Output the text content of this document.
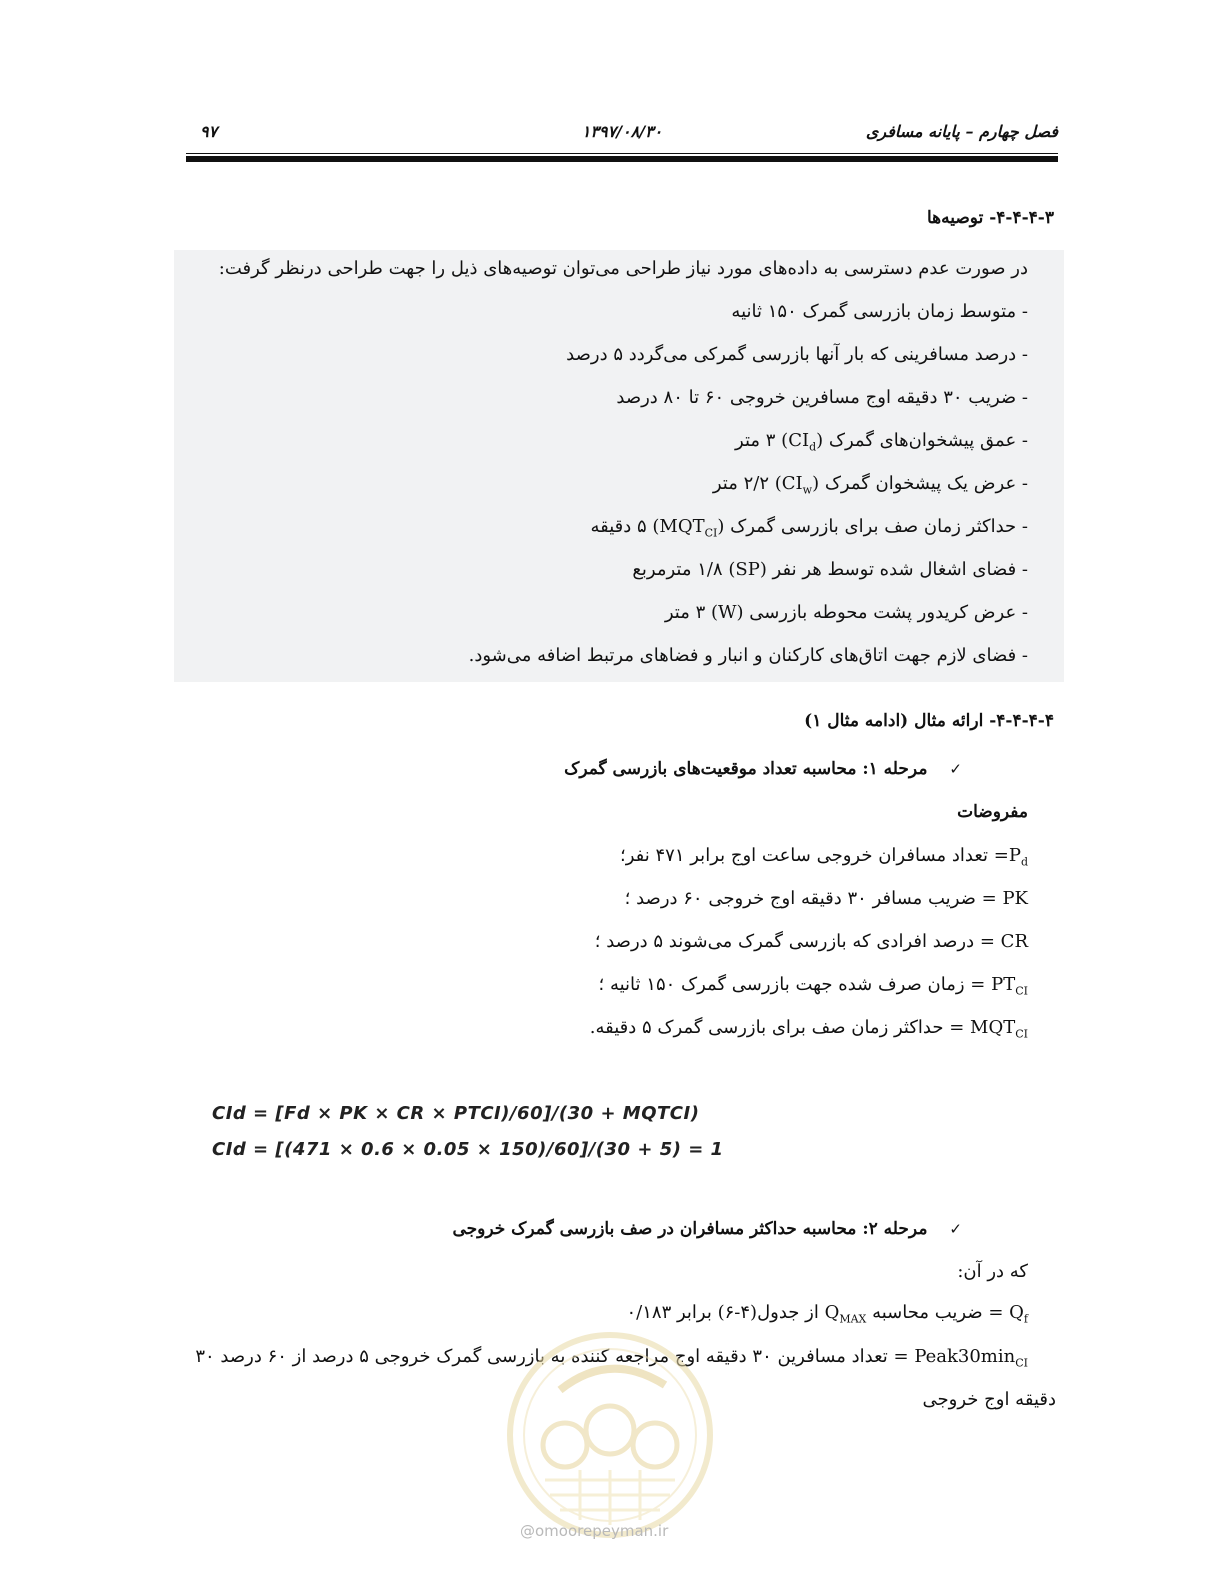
فصل چهارم – پایانه مسافری
۱۳۹۷/۰۸/۳۰
۹۷
۴-۴-۴-۳- توصیه‌ها

در صورت عدم دسترسی به داده‌های مورد نیاز طراحی می‌توان توصیه‌های ذیل را جهت طراحی درنظر گرفت:

- متوسط زمان بازرسی گمرک ۱۵۰ ثانیه

- درصد مسافرینی که بار آنها بازرسی گمرکی می‌گردد ۵ درصد

- ضریب ۳۰ دقیقه اوج مسافرین خروجی ۶۰ تا ۸۰ درصد

- عمق پیشخوان‌های گمرک $(CI_d)$ ۳ متر

- عرض یک پیشخوان گمرک $(CI_w)$ ۲/۲ متر

- حداکثر زمان صف برای بازرسی گمرک $(MQT_{CI})$ ۵ دقیقه

- فضای اشغال شده توسط هر نفر (SP) ۱/۸ مترمربع

- عرض کریدور پشت محوطه بازرسی (W) ۳ متر

- فضای لازم جهت اتاق‌های کارکنان و انبار و فضاهای مرتبط اضافه می‌شود.

۴-۴-۴-۴- ارائه مثال (ادامه مثال ۱)
✓مرحله ۱: محاسبه تعداد موقعیت‌های بازرسی گمرک
مفروضات

$P_d=$ تعداد مسافران خروجی ساعت اوج برابر ۴۷۱ نفر؛

PK = ضریب مسافر ۳۰ دقیقه اوج خروجی ۶۰ درصد ؛

CR = درصد افرادی که بازرسی گمرک می‌شوند ۵ درصد ؛

$PT_{CI}$ = زمان صرف شده جهت بازرسی گمرک ۱۵۰ ثانیه ؛

$MQT_{CI}$ = حداکثر زمان صف برای بازرسی گمرک ۵ دقیقه.

CId = [Fd × PK × CR × PTCI)/60]/(30 + MQTCI)
CId = [(471 × 0.6 × 0.05 × 150)/60]/(30 + 5) = 1
✓مرحله ۲: محاسبه حداکثر مسافران در صف بازرسی گمرک خروجی

که در آن:

$Q_f$ = ضریب محاسبه $Q_{MAX}$ از جدول(۴-۶) برابر ۰/۱۸۳

$Peak30\min_{CI}$ = تعداد مسافرین ۳۰ دقیقه اوج مراجعه کننده به بازرسی گمرک خروجی ۵ درصد از ۶۰ درصد ۳۰

دقیقه اوج خروجی

@omoorepeyman.ir
